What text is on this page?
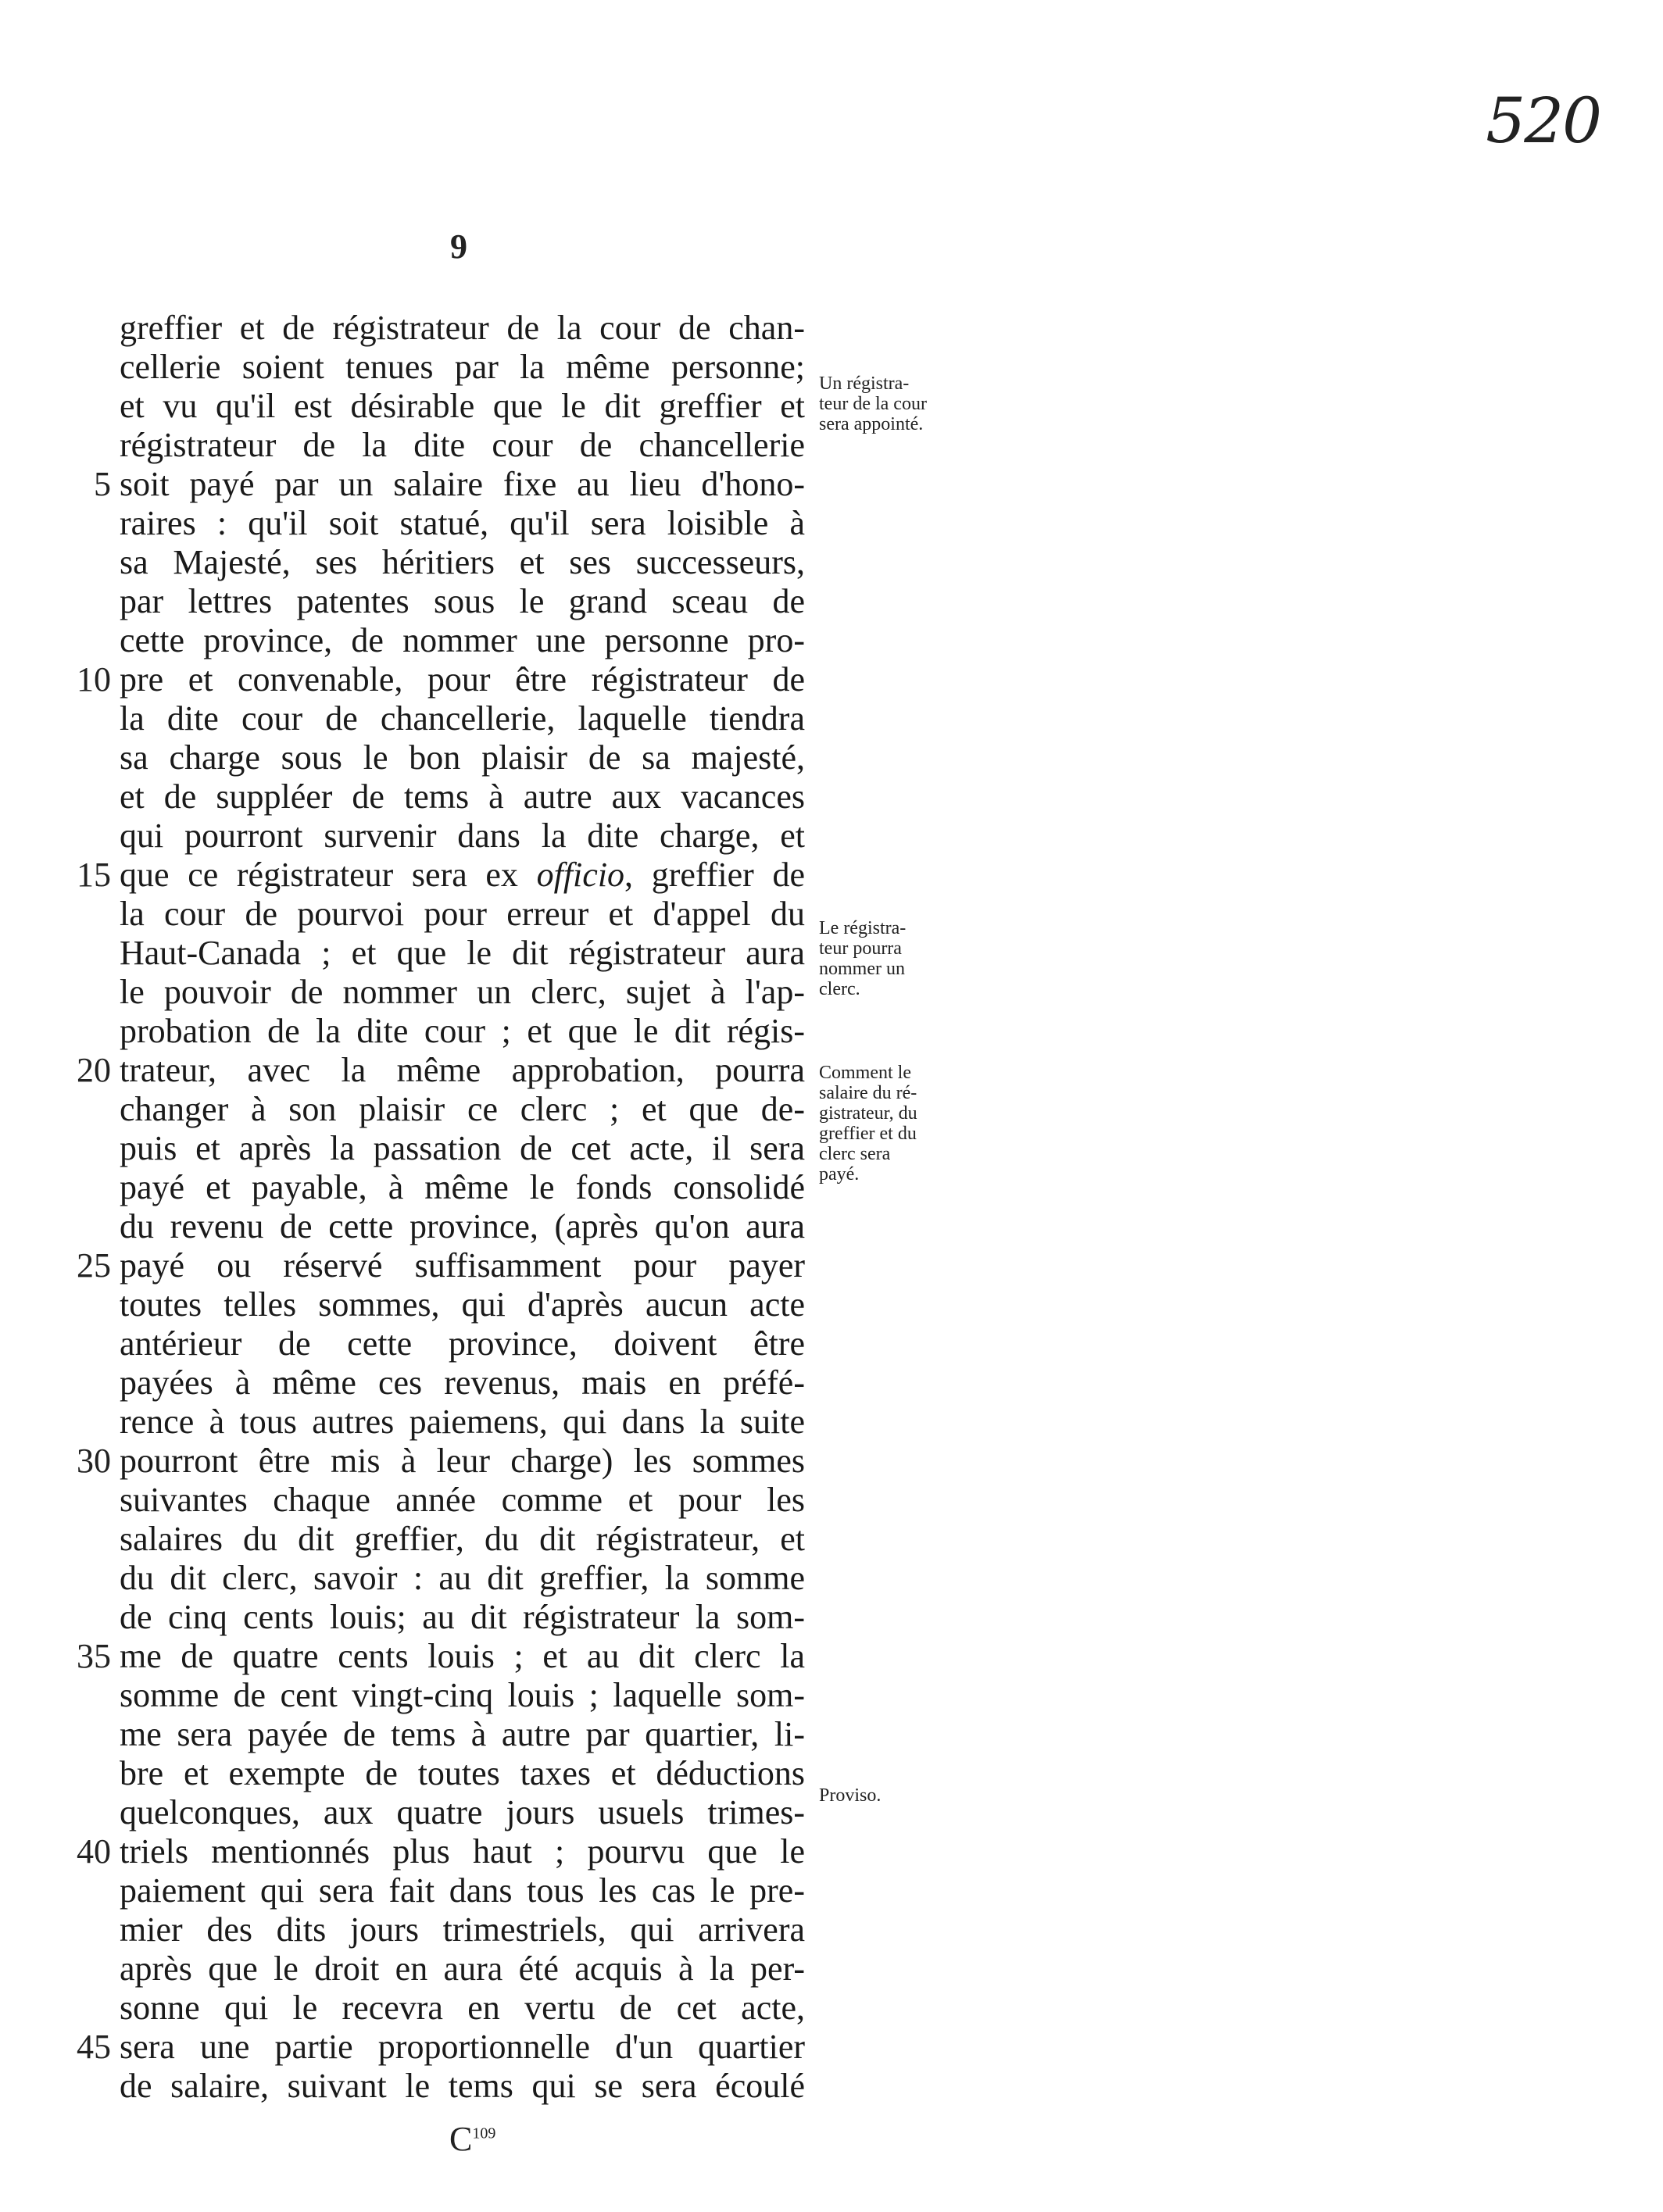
520
9
greffier et de régistrateur de la cour de chan-
cellerie soient tenues par la même personne;
et vu qu'il est désirable que le dit greffier et
régistrateur de la dite cour de chancellerie
5 soit payé par un salaire fixe au lieu d'hono-
raires : qu'il soit statué, qu'il sera loisible à
sa Majesté, ses héritiers et ses successeurs,
par lettres patentes sous le grand sceau de
cette province, de nommer une personne pro-
10 pre et convenable, pour être régistrateur de
la dite cour de chancellerie, laquelle tiendra
sa charge sous le bon plaisir de sa majesté,
et de suppléer de tems à autre aux vacances
qui pourront survenir dans la dite charge, et
15 que ce régistrateur sera ex officio, greffier de
la cour de pourvoi pour erreur et d'appel du
Haut-Canada ; et que le dit régistrateur aura
le pouvoir de nommer un clerc, sujet à l'ap-
probation de la dite cour ; et que le dit régis-
20 trateur, avec la même approbation, pourra
changer à son plaisir ce clerc ; et que de-
puis et après la passation de cet acte, il sera
payé et payable, à même le fonds consolidé
du revenu de cette province, (après qu'on aura
25 payé ou réservé suffisamment pour payer
toutes telles sommes, qui d'après aucun acte
antérieur de cette province, doivent être
payées à même ces revenus, mais en préfé-
rence à tous autres paiemens, qui dans la suite
30 pourront être mis à leur charge) les sommes
suivantes chaque année comme et pour les
salaires du dit greffier, du dit régistrateur, et
du dit clerc, savoir : au dit greffier, la somme
de cinq cents louis; au dit régistrateur la som-
35 me de quatre cents louis ; et au dit clerc la
somme de cent vingt-cinq louis ; laquelle som-
me sera payée de tems à autre par quartier, li-
bre et exempte de toutes taxes et déductions
quelconques, aux quatre jours usuels trimes-
40 triels mentionnés plus haut ; pourvu que le
paiement qui sera fait dans tous les cas le pre-
mier des dits jours trimestriels, qui arrivera
après que le droit en aura été acquis à la per-
sonne qui le recevra en vertu de cet acte,
45 sera une partie proportionnelle d'un quartier
de salaire, suivant le tems qui se sera écoulé
Un régistra-
teur de la cour
sera appointé.
Le régistra-
teur pourra
nommer un
clerc.
Comment le
salaire du ré-
gistrateur, du
greffier et du
clerc sera
payé.
Proviso.
$C^{109}$
